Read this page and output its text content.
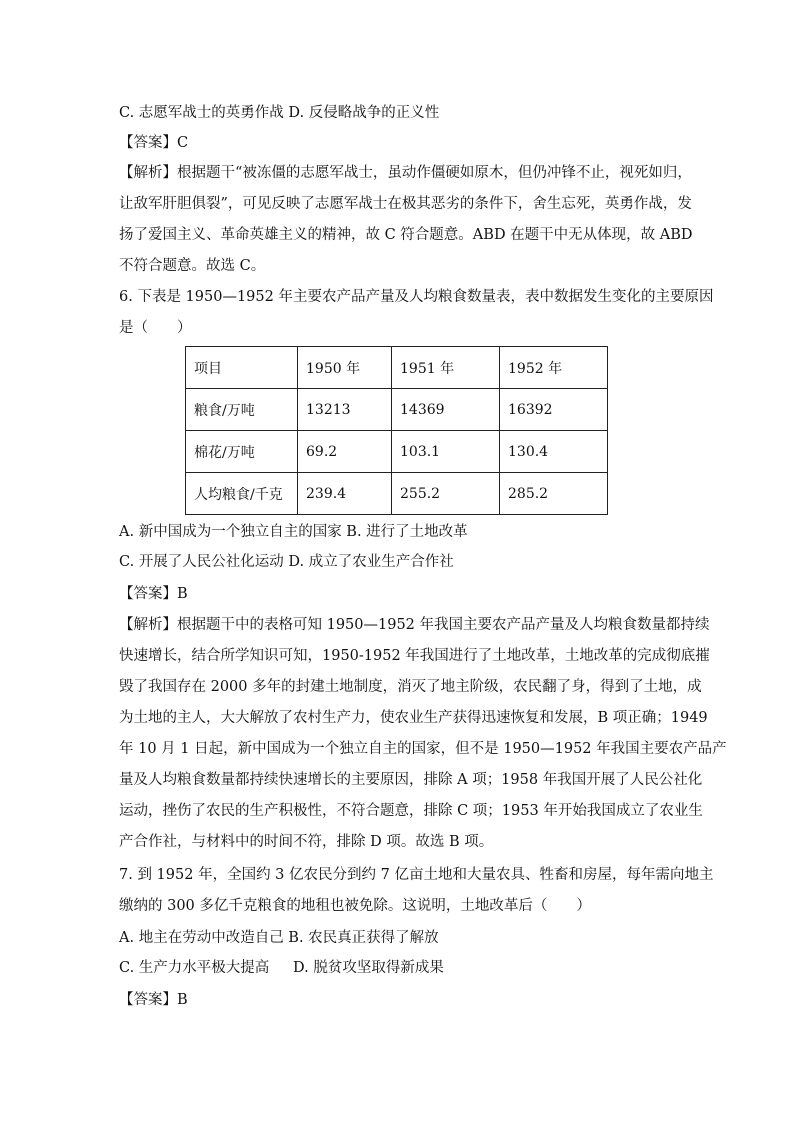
C. 志愿军战士的英勇作战 D. 反侵略战争的正义性
【答案】C
【解析】根据题干“被冻僵的志愿军战士，虽动作僵硬如原木，但仍冲锋不止，视死如归，
让敌军肝胆俱裂”，可见反映了志愿军战士在极其恶劣的条件下，舍生忘死，英勇作战，发
扬了爱国主义、革命英雄主义的精神，故 C 符合题意。ABD 在题干中无从体现，故 ABD
不符合题意。故选 C。
6. 下表是 1950—1952 年主要农产品产量及人均粮食数量表，表中数据发生变化的主要原因
是（　　）
项目	1950 年	1951 年	1952 年
粮食/万吨	13213	14369	16392
棉花/万吨	69.2	103.1	130.4
人均粮食/千克	239.4	255.2	285.2
A. 新中国成为一个独立自主的国家 B. 进行了土地改革
C. 开展了人民公社化运动 D. 成立了农业生产合作社
【答案】B
【解析】根据题干中的表格可知 1950—1952 年我国主要农产品产量及人均粮食数量都持续
快速增长，结合所学知识可知，1950-1952 年我国进行了土地改革，土地改革的完成彻底摧
毁了我国存在 2000 多年的封建土地制度，消灭了地主阶级，农民翻了身，得到了土地，成
为土地的主人，大大解放了农村生产力，使农业生产获得迅速恢复和发展，B 项正确；1949
年 10 月 1 日起，新中国成为一个独立自主的国家，但不是 1950—1952 年我国主要农产品产
量及人均粮食数量都持续快速增长的主要原因，排除 A 项；1958 年我国开展了人民公社化
运动，挫伤了农民的生产积极性，不符合题意，排除 C 项；1953 年开始我国成立了农业生
产合作社，与材料中的时间不符，排除 D 项。故选 B 项。
7. 到 1952 年，全国约 3 亿农民分到约 7 亿亩土地和大量农具、牲畜和房屋，每年需向地主
缴纳的 300 多亿千克粮食的地租也被免除。这说明，土地改革后（　　）
A. 地主在劳动中改造自己 B. 农民真正获得了解放
C. 生产力水平极大提高 　 D. 脱贫攻坚取得新成果
【答案】B
